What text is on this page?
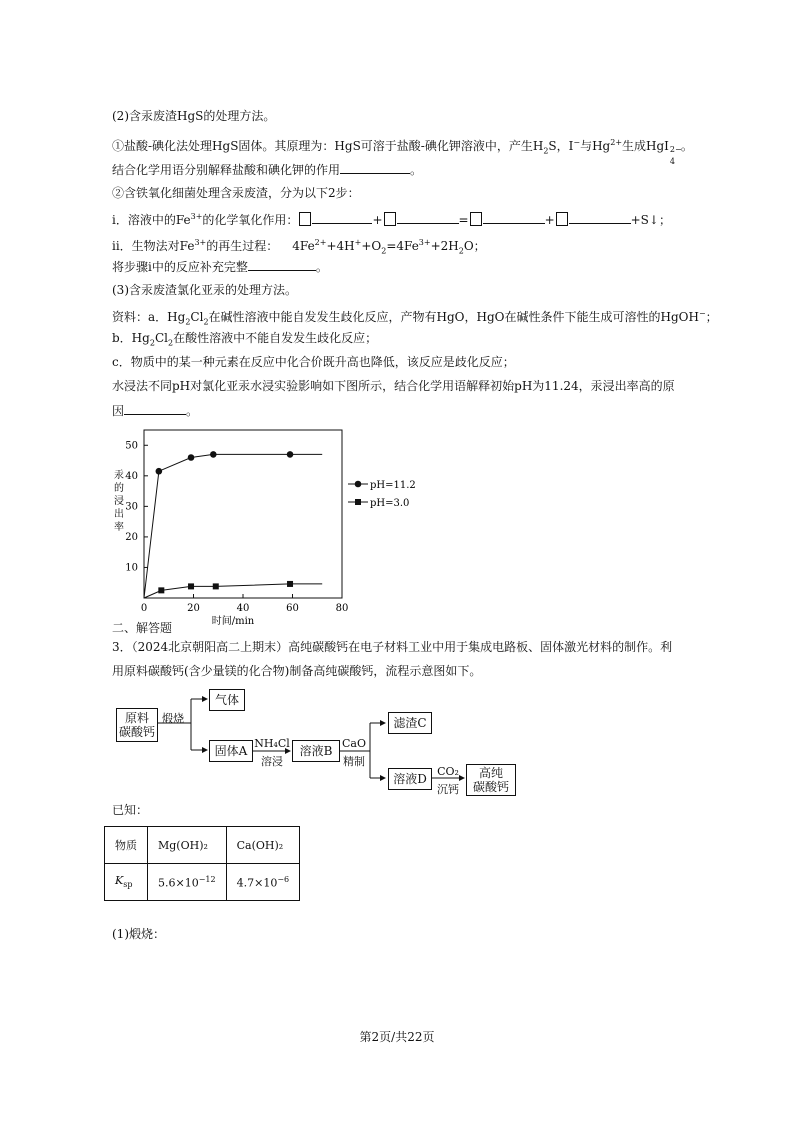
(2)含汞废渣HgS的处理方法。
①盐酸-碘化法处理HgS固体。其原理为：HgS可溶于盐酸-碘化钾溶液中，产生$H_2S$，I−与$Hg^{2+}$生成HgI 2−
4
。
结合化学用语分别解释盐酸和碘化钾的作用	。
②含铁氧化细菌处理含汞废渣，分为以下2步：
i．溶液中的$Fe^{3+}$的化学氧化作用：	+	=	+	+S↓；
ii．生物法对$Fe^{3+}$的再生过程： $4Fe^{2+}+4H^++O_2=4Fe^{3+}+2H_2O$；
将步骤i中的反应补充完整	。
(3)含汞废渣氯化亚汞的处理方法。
资料：a．$Hg_2Cl_2$在碱性溶液中能自发发生歧化反应，产物有HgO，HgO在碱性条件下能生成可溶性的HgOH−；
b．$Hg_2Cl_2$在酸性溶液中不能自发发生歧化反应；
c．物质中的某一种元素在反应中化合价既升高也降低，该反应是歧化反应；
水浸法不同pH对氯化亚汞水浸实验影响如下图所示，结合化学用语解释初始pH为11.24，汞浸出率高的原
因	。
10
20
30
40
50
0	20	40	60	80
时间/min
汞
的
浸
出
率
pH=11.2
pH=3.0
二、解答题
3．（2024北京朝阳高二上期末）高纯碳酸钙在电子材料工业中用于集成电路板、固体激光材料的制作。利
用原料碳酸钙(含少量镁的化合物)制备高纯碳酸钙，流程示意图如下。
原料
碳酸钙
煅烧
气体
固体A
NH₄Cl
溶浸
溶液B
CaO
精制
滤渣C
溶液D
CO₂
沉钙
高纯
碳酸钙
已知：
物质	Mg(OH)₂	Ca(OH)₂
$K_{sp}$	$5.6\times 10^{-12}$	$4.7\times 10^{-6}$
(1)煅烧：
第2页/共22页
